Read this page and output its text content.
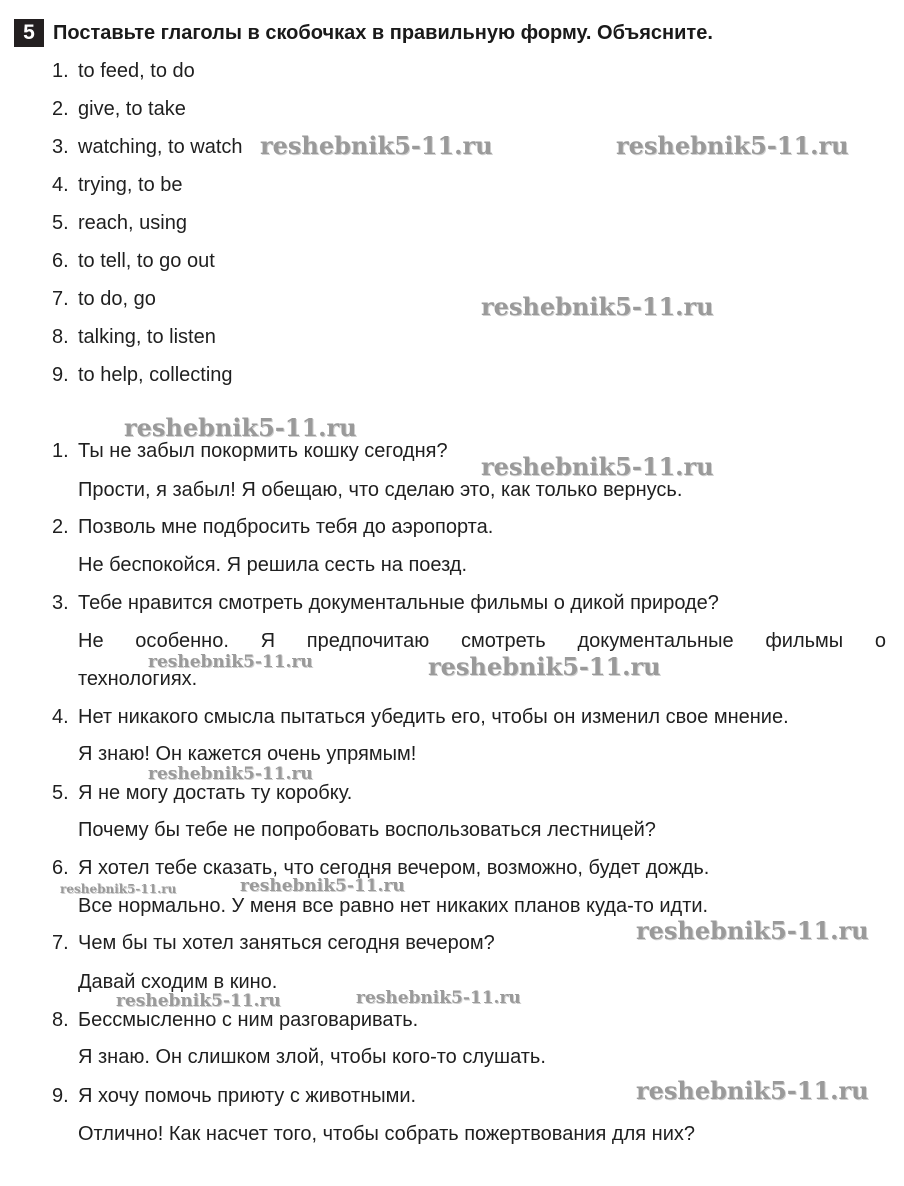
5 Поставьте глаголы в скобочках в правильную форму. Объясните.
1. to feed, to do
2. give, to take
3. watching, to watch
4. trying, to be
5. reach, using
6. to tell, to go out
7. to do, go
8. talking, to listen
9. to help, collecting
1. Ты не забыл покормить кошку сегодня?
Прости, я забыл! Я обещаю, что сделаю это, как только вернусь.
2. Позволь мне подбросить тебя до аэропорта.
Не беспокойся. Я решила сесть на поезд.
3. Тебе нравится смотреть документальные фильмы о дикой природе?
Не особенно. Я предпочитаю смотреть документальные фильмы о
технологиях.
4. Нет никакого смысла пытаться убедить его, чтобы он изменил свое мнение.
Я знаю! Он кажется очень упрямым!
5. Я не могу достать ту коробку.
Почему бы тебе не попробовать воспользоваться лестницей?
6. Я хотел тебе сказать, что сегодня вечером, возможно, будет дождь.
Все нормально. У меня все равно нет никаких планов куда-то идти.
7. Чем бы ты хотел заняться сегодня вечером?
Давай сходим в кино.
8. Бессмысленно с ним разговаривать.
Я знаю. Он слишком злой, чтобы кого-то слушать.
9. Я хочу помочь приюту с животными.
Отлично! Как насчет того, чтобы собрать пожертвования для них?
reshebnik5-11.ru	reshebnik5-11.ru
reshebnik5-11.ru
reshebnik5-11.ru
reshebnik5-11.ru
reshebnik5-11.ru	reshebnik5-11.ru
reshebnik5-11.ru
reshebnik5-11.ru	reshebnik5-11.ru
reshebnik5-11.ru
reshebnik5-11.ru	reshebnik5-11.ru
reshebnik5-11.ru
